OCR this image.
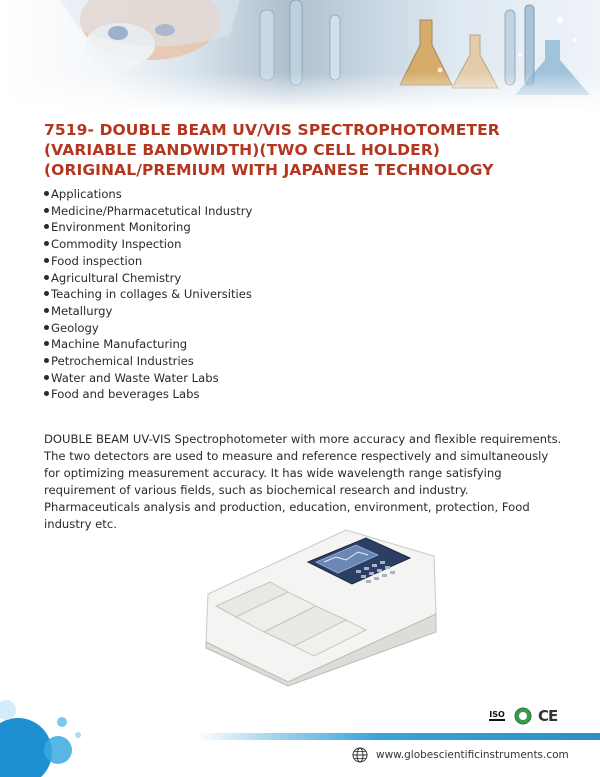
7519- DOUBLE BEAM UV/VIS SPECTROPHOTOMETER (VARIABLE BANDWIDTH)(TWO CELL HOLDER) (ORIGINAL/PREMIUM WITH JAPANESE TECHNOLOGY
Applications
Medicine/Pharmacetutical Industry
Environment Monitoring
Commodity Inspection
Food inspection
Agricultural Chemistry
Teaching in collages & Universities
Metallurgy
Geology
Machine Manufacturing
Petrochemical Industries
Water and Waste Water Labs
Food and beverages Labs

DOUBLE BEAM UV-VIS Spectrophotometer with more accuracy and flexible requirements. The two detectors are used to measure and reference respectively and simultaneously for optimizing measurement accuracy. It has wide wavelength range satisfying requirement of various fields, such as biochemical research and industry. Pharmaceuticals analysis and production, education, environment, protection, Food industry etc.

ISO CE
www.globescientificinstruments.com
